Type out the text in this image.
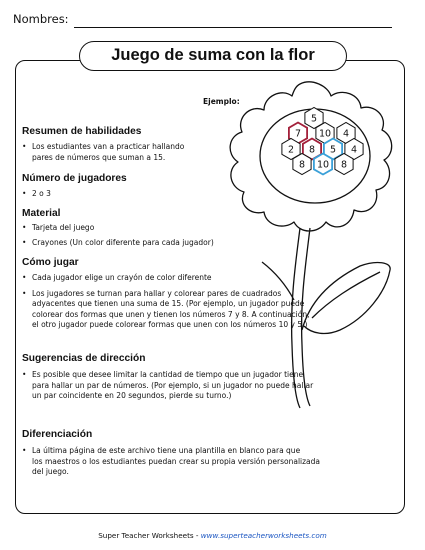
Nombres:
Juego de suma con la flor
5
7 10 4
2 8 5 4
8 10 8
Ejemplo:

Resumen de habilidades

• Los estudiantes van a practicar hallando
pares de números que suman a 15.

Número de jugadores

• 2 o 3

Material

• Tarjeta del juego
• Crayones (Un color diferente para cada jugador)

Cómo jugar

• Cada jugador elige un crayón de color diferente
• Los jugadores se turnan para hallar y colorear pares de cuadrados
adyacentes que tienen una suma de 15. (Por ejemplo, un jugador puede
colorear dos formas que unen y tienen los números 7 y 8. A continuación,
el otro jugador puede colorear formas que unen con los números 10 y 5.)

Sugerencias de dirección

• Es posible que desee limitar la cantidad de tiempo que un jugador tiene
para hallar un par de números. (Por ejemplo, si un jugador no puede hallar
un par coincidente en 20 segundos, pierde su turno.)

Diferenciación

• La última página de este archivo tiene una plantilla en blanco para que
los maestros o los estudiantes puedan crear su propia versión personalizada
del juego.
Super Teacher Worksheets - www.superteacherworksheets.com
